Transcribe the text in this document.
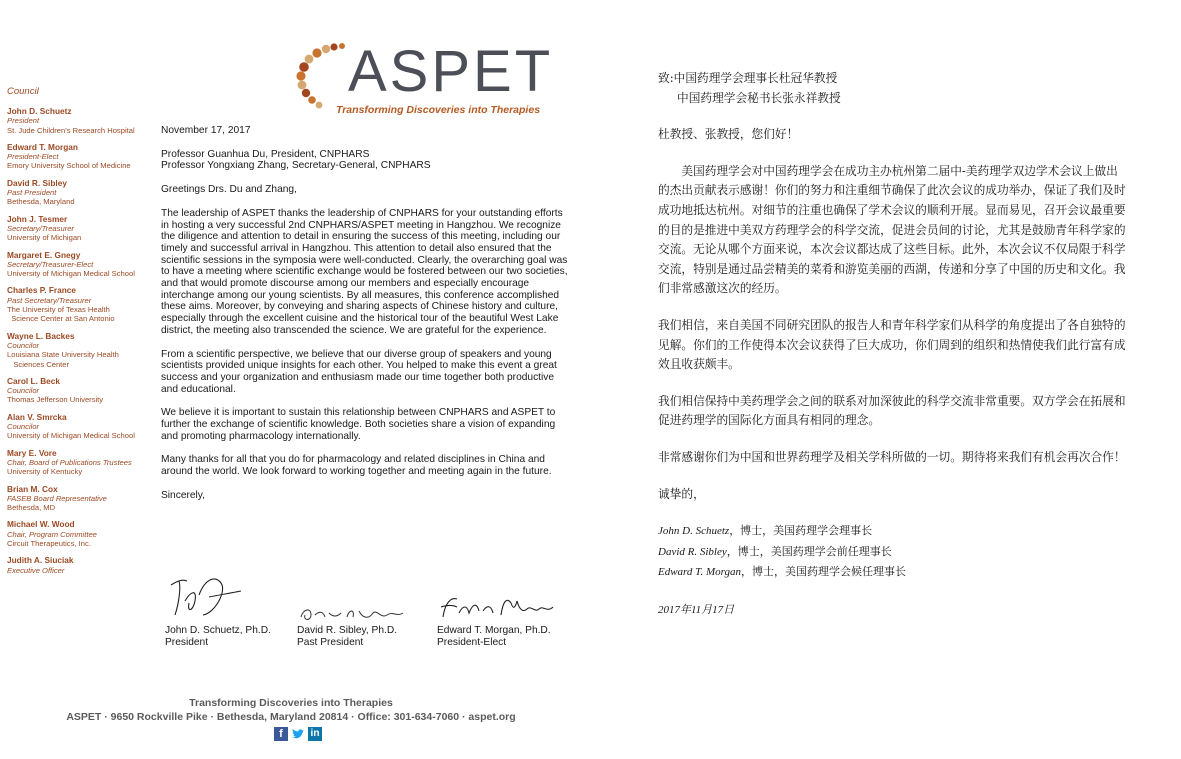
ASPET
Transforming Discoveries into Therapies
Council
John D. Schuetz
President
St. Jude Children's Research Hospital
Edward T. Morgan
President-Elect
Emory University School of Medicine
David R. Sibley
Past President
Bethesda, Maryland
John J. Tesmer
Secretary/Treasurer
University of Michigan
Margaret E. Gnegy
Secretary/Treasurer-Elect
University of Michigan Medical School
Charles P. France
Past Secretary/Treasurer
The University of Texas Health
Science Center at San Antonio
Wayne L. Backes
Councilor
Louisiana State University Health
Sciences Center
Carol L. Beck
Councilor
Thomas Jefferson University
Alan V. Smrcka
Councilor
University of Michigan Medical School
Mary E. Vore
Chair, Board of Publications Trustees
University of Kentucky
Brian M. Cox
FASEB Board Representative
Bethesda, MD
Michael W. Wood
Chair, Program Committee
Circuit Therapeutics, Inc.
Judith A. Siuciak
Executive Officer

November 17, 2017

Professor Guanhua Du, President, CNPHARS
Professor Yongxiang Zhang, Secretary-General, CNPHARS

Greetings Drs. Du and Zhang,

The leadership of ASPET thanks the leadership of CNPHARS for your outstanding efforts in hosting a very successful 2nd CNPHARS/ASPET meeting in Hangzhou. We recognize the diligence and attention to detail in ensuring the success of this meeting, including our timely and successful arrival in Hangzhou. This attention to detail also ensured that the scientific sessions in the symposia were well-conducted. Clearly, the overarching goal was to have a meeting where scientific exchange would be fostered between our two societies, and that would promote discourse among our members and especially encourage interchange among our young scientists. By all measures, this conference accomplished these aims. Moreover, by conveying and sharing aspects of Chinese history and culture, especially through the excellent cuisine and the historical tour of the beautiful West Lake district, the meeting also transcended the science. We are grateful for the experience.

From a scientific perspective, we believe that our diverse group of speakers and young scientists provided unique insights for each other. You helped to make this event a great success and your organization and enthusiasm made our time together both productive and educational.

We believe it is important to sustain this relationship between CNPHARS and ASPET to further the exchange of scientific knowledge. Both societies share a vision of expanding and promoting pharmacology internationally.

Many thanks for all that you do for pharmacology and related disciplines in China and around the world. We look forward to working together and meeting again in the future.

Sincerely,

John D. Schuetz, Ph.D.
President
David R. Sibley, Ph.D.
Past President
Edward T. Morgan, Ph.D.
President-Elect
Transforming Discoveries into Therapies
ASPET · 9650 Rockville Pike · Bethesda, Maryland 20814 · Office: 301-634-7060 · aspet.org
f	in

致:中国药理学会理事长杜冠华教授
中国药理学会秘书长张永祥教授

杜教授、张教授，您们好！

美国药理学会对中国药理学会在成功主办杭州第二届中-美药理学双边学术会议上做出的杰出贡献表示感谢！你们的努力和注重细节确保了此次会议的成功举办，保证了我们及时成功地抵达杭州。对细节的注重也确保了学术会议的顺利开展。显而易见，召开会议最重要的目的是推进中美双方药理学会的科学交流，促进会员间的讨论，尤其是鼓励青年科学家的交流。无论从哪个方面来说，本次会议都达成了这些目标。此外，本次会议不仅局限于科学交流，特别是通过品尝精美的菜肴和游览美丽的西湖，传递和分享了中国的历史和文化。我们非常感激这次的经历。

我们相信，来自美国不同研究团队的报告人和青年科学家们从科学的角度提出了各自独特的见解。你们的工作使得本次会议获得了巨大成功，你们周到的组织和热情使我们此行富有成效且收获颇丰。

我们相信保持中美药理学会之间的联系对加深彼此的科学交流非常重要。双方学会在拓展和促进药理学的国际化方面具有相同的理念。

非常感谢你们为中国和世界药理学及相关学科所做的一切。期待将来我们有机会再次合作！

诚挚的，

John D. Schuetz，博士，美国药理学会理事长
David R. Sibley，博士，美国药理学会前任理事长
Edward T. Morgan，博士，美国药理学会候任理事长

2017年11月17日
